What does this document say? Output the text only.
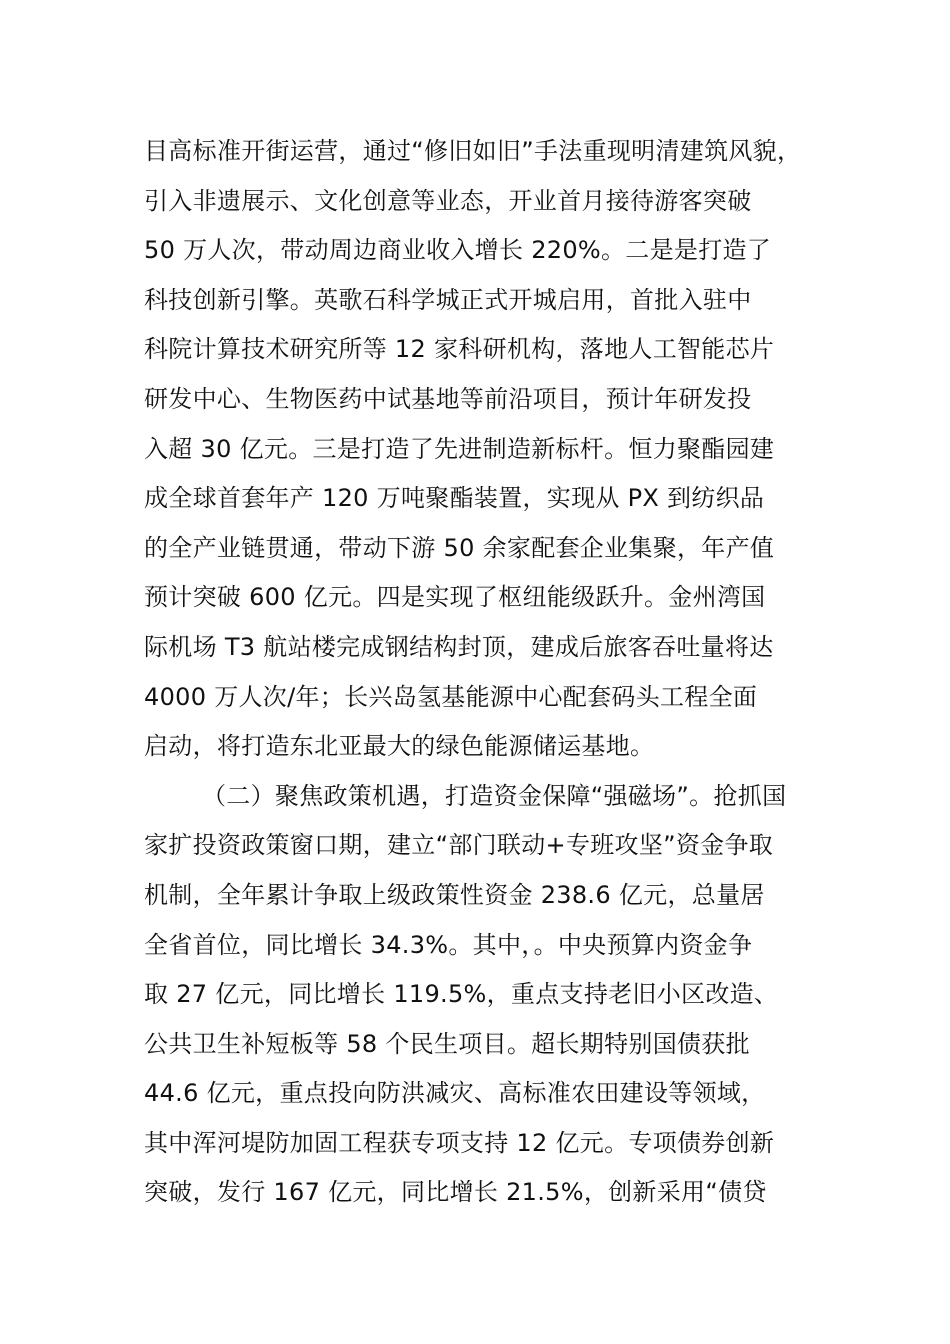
目高标准开街运营，通过“修旧如旧”手法重现明清建筑风貌，
引入非遗展示、文化创意等业态，开业首月接待游客突破
50 万人次，带动周边商业收入增长 220%。二是是打造了
科技创新引擎。英歌石科学城正式开城启用，首批入驻中
科院计算技术研究所等 12 家科研机构，落地人工智能芯片
研发中心、生物医药中试基地等前沿项目，预计年研发投
入超 30 亿元。三是打造了先进制造新标杆。恒力聚酯园建
成全球首套年产 120 万吨聚酯装置，实现从 PX 到纺织品
的全产业链贯通，带动下游 50 余家配套企业集聚，年产值
预计突破 600 亿元。四是实现了枢纽能级跃升。金州湾国
际机场 T3 航站楼完成钢结构封顶，建成后旅客吞吐量将达
4000 万人次/年；长兴岛氢基能源中心配套码头工程全面
启动，将打造东北亚最大的绿色能源储运基地。
（二）聚焦政策机遇，打造资金保障“强磁场”。抢抓国
家扩投资政策窗口期，建立“部门联动+专班攻坚”资金争取
机制，全年累计争取上级政策性资金 238.6 亿元，总量居
全省首位，同比增长 34.3%。其中，。中央预算内资金争
取 27 亿元，同比增长 119.5%，重点支持老旧小区改造、
公共卫生补短板等 58 个民生项目。超长期特别国债获批
44.6 亿元，重点投向防洪减灾、高标准农田建设等领域，
其中浑河堤防加固工程获专项支持 12 亿元。专项债券创新
突破，发行 167 亿元，同比增长 21.5%，创新采用“债贷
